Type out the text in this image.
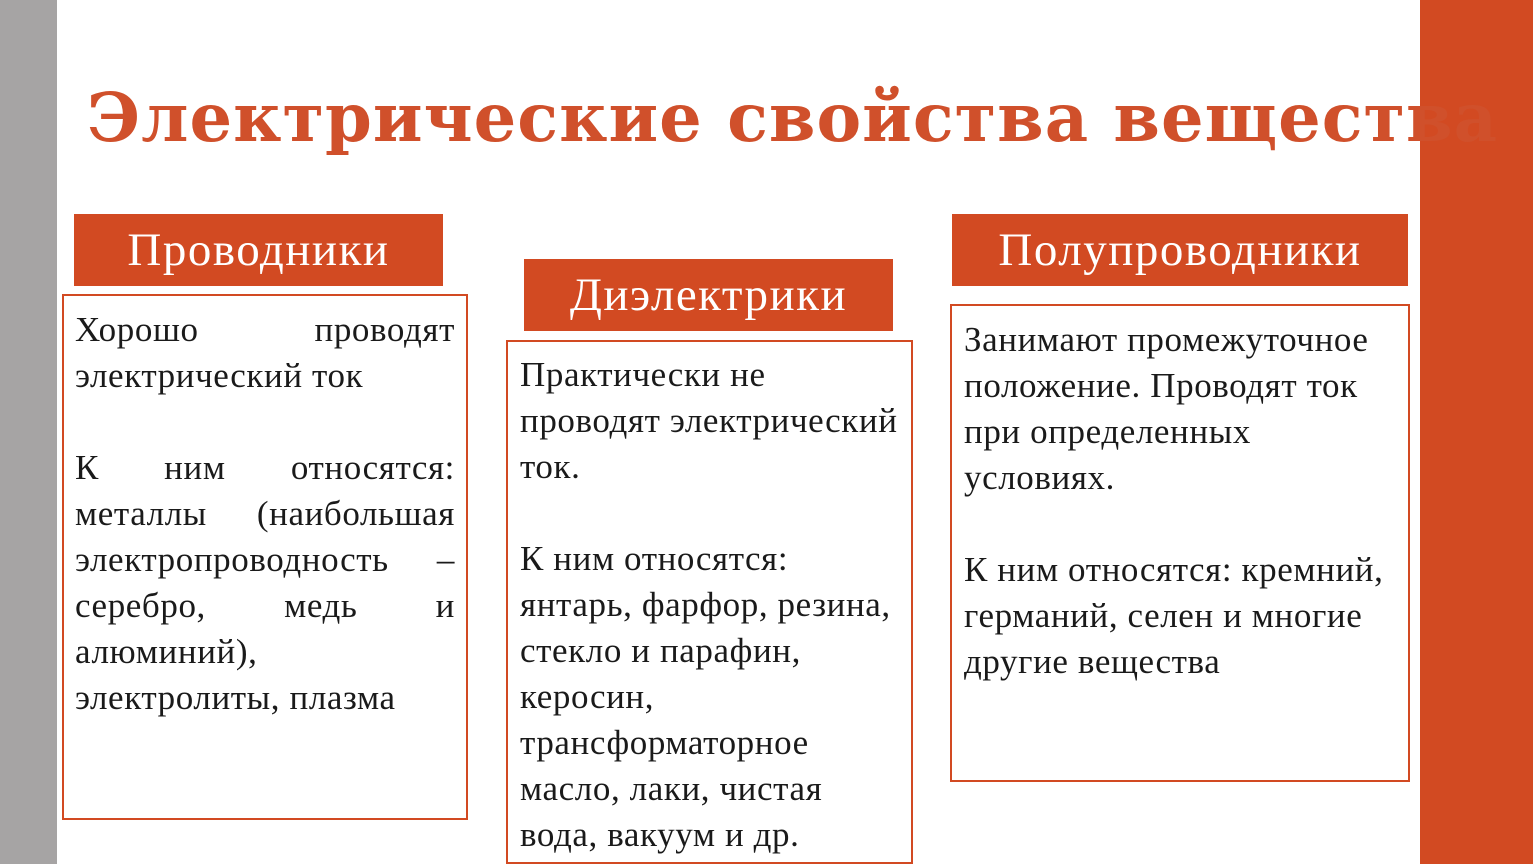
Электрические свойства вещества
Проводники

Хорошо проводят электрический ток

К ним относятся: металлы (наибольшая электропроводность – серебро, медь и алюминий), электролиты, плазма

Диэлектрики

Практически не проводят электрический ток.

К ним относятся: янтарь, фарфор, резина, стекло и парафин, керосин, трансформаторное масло, лаки, чистая вода, вакуум и др.

Полупроводники

Занимают промежуточное положение. Проводят ток при определенных условиях.

К ним относятся: кремний, германий, селен и многие другие вещества
